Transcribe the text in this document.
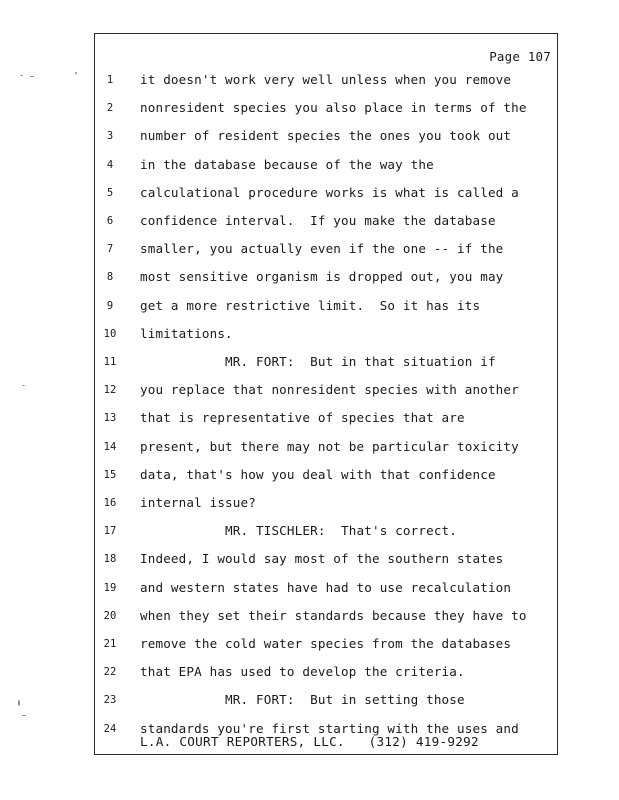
Page 107
1	it doesn't work very well unless when you remove
2	nonresident species you also place in terms of the
3	number of resident species the ones you took out
4	in the database because of the way the
5	calculational procedure works is what is called a
6	confidence interval.  If you make the database
7	smaller, you actually even if the one -- if the
8	most sensitive organism is dropped out, you may
9	get a more restrictive limit.  So it has its
10	limitations.
11	MR. FORT:  But in that situation if
12	you replace that nonresident species with another
13	that is representative of species that are
14	present, but there may not be particular toxicity
15	data, that's how you deal with that confidence
16	internal issue?
17	MR. TISCHLER:  That's correct.
18	Indeed, I would say most of the southern states
19	and western states have had to use recalculation
20	when they set their standards because they have to
21	remove the cold water species from the databases
22	that EPA has used to develop the criteria.
23	MR. FORT:  But in setting those
24	standards you're first starting with the uses and
L.A. COURT REPORTERS, LLC.   (312) 419-9292
